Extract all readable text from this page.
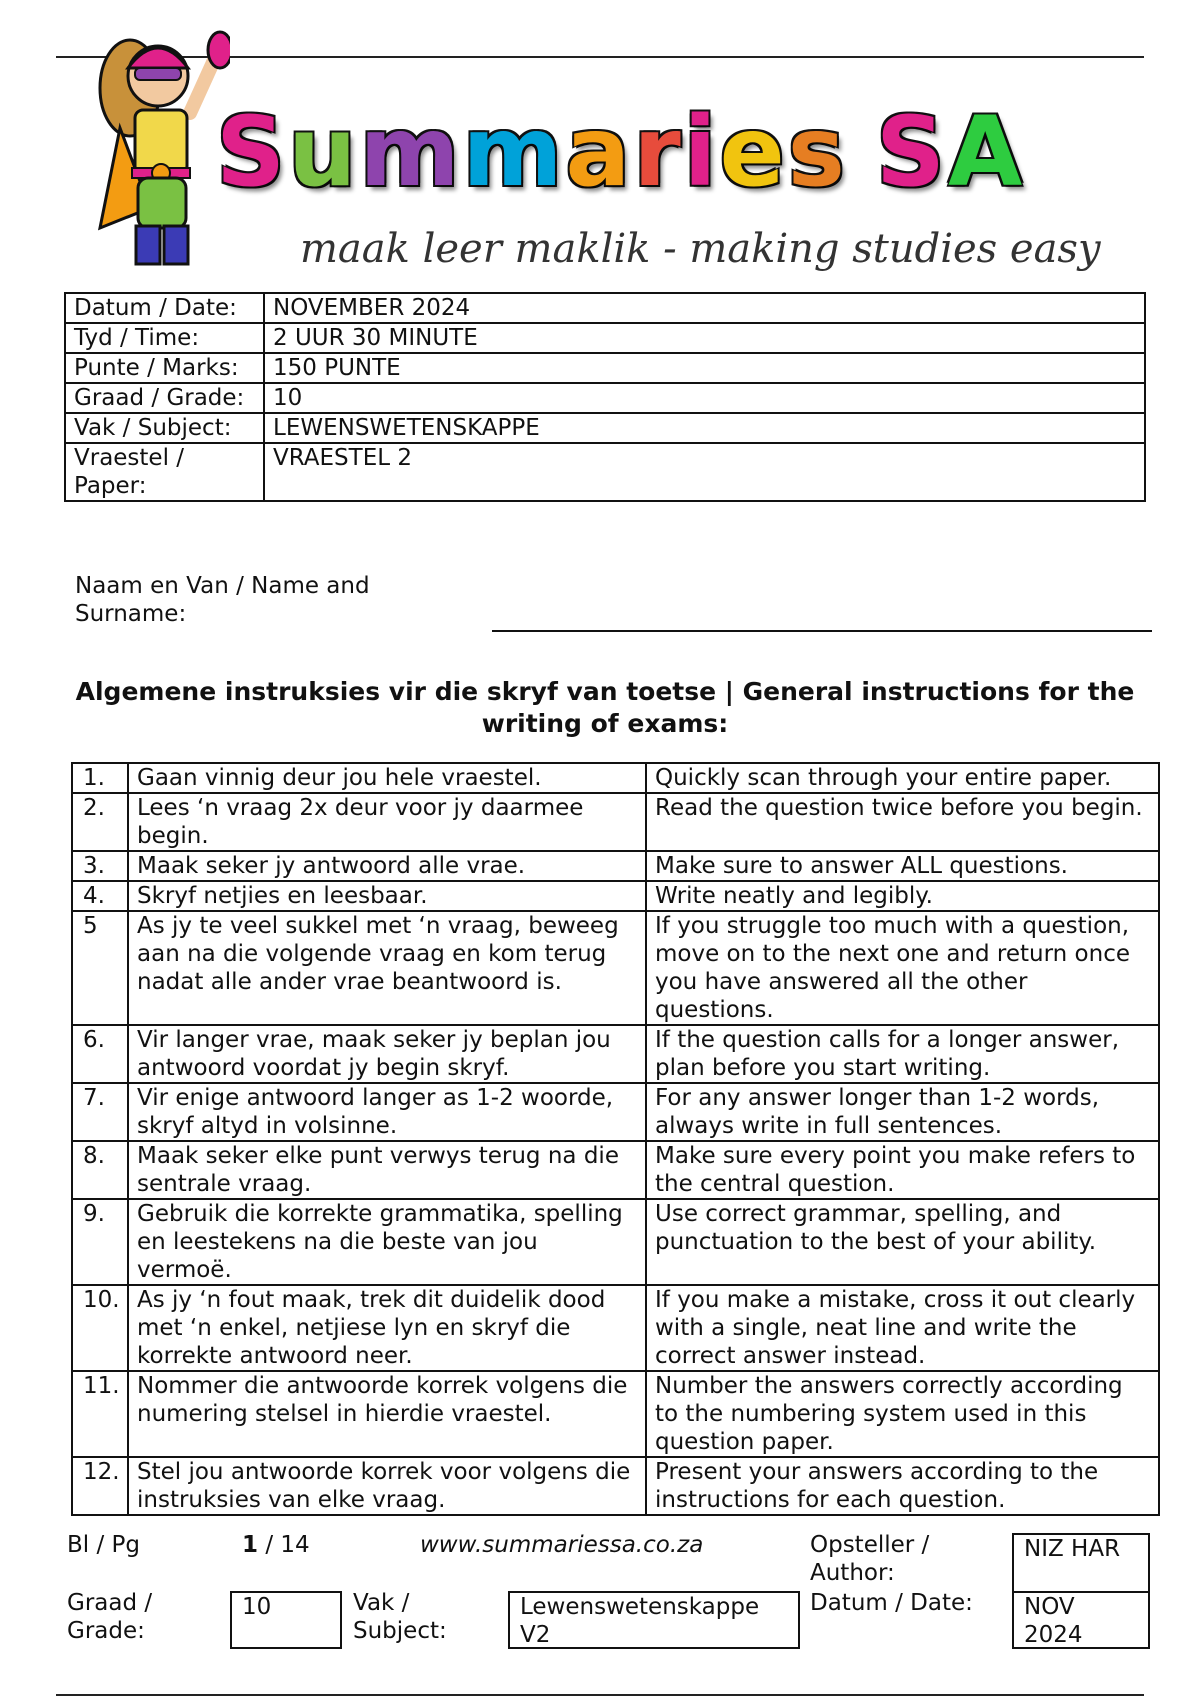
Summaries SA
maak leer maklik - making studies easy
Datum / Date:	NOVEMBER 2024
Tyd / Time:	2 UUR 30 MINUTE
Punte / Marks:	150 PUNTE
Graad / Grade:	10
Vak / Subject:	LEWENSWETENSKAPPE
Vraestel / Paper:	VRAESTEL 2
Naam en Van / Name and Surname:
Algemene instruksies vir die skryf van toetse | General instructions for the writing of exams:
1.	Gaan vinnig deur jou hele vraestel.	Quickly scan through your entire paper.
2.	Lees ‘n vraag 2x deur voor jy daarmee begin.	Read the question twice before you begin.
3.	Maak seker jy antwoord alle vrae.	Make sure to answer ALL questions.
4.	Skryf netjies en leesbaar.	Write neatly and legibly.
5	As jy te veel sukkel met ‘n vraag, beweeg aan na die volgende vraag en kom terug nadat alle ander vrae beantwoord is.	If you struggle too much with a question, move on to the next one and return once you have answered all the other questions.
6.	Vir langer vrae, maak seker jy beplan jou antwoord voordat jy begin skryf.	If the question calls for a longer answer, plan before you start writing.
7.	Vir enige antwoord langer as 1-2 woorde, skryf altyd in volsinne.	For any answer longer than 1-2 words, always write in full sentences.
8.	Maak seker elke punt verwys terug na die sentrale vraag.	Make sure every point you make refers to the central question.
9.	Gebruik die korrekte grammatika, spelling en leestekens na die beste van jou vermoë.	Use correct grammar, spelling, and punctuation to the best of your ability.
10.	As jy ‘n fout maak, trek dit duidelik dood met ‘n enkel, netjiese lyn en skryf die korrekte antwoord neer.	If you make a mistake, cross it out clearly with a single, neat line and write the correct answer instead.
11.	Nommer die antwoorde korrek volgens die numering stelsel in hierdie vraestel.	Number the answers correctly according to the numbering system used in this question paper.
12.	Stel jou antwoorde korrek voor volgens die instruksies van elke vraag.	Present your answers according to the instructions for each question.
Bl / Pg	1 / 14	www.summariessa.co.za	Opsteller / Author:
NIZ HAR
Graad / Grade:
10	Vak / Subject:
Lewenswetenskappe V2
Datum / Date:	NOV 2024
